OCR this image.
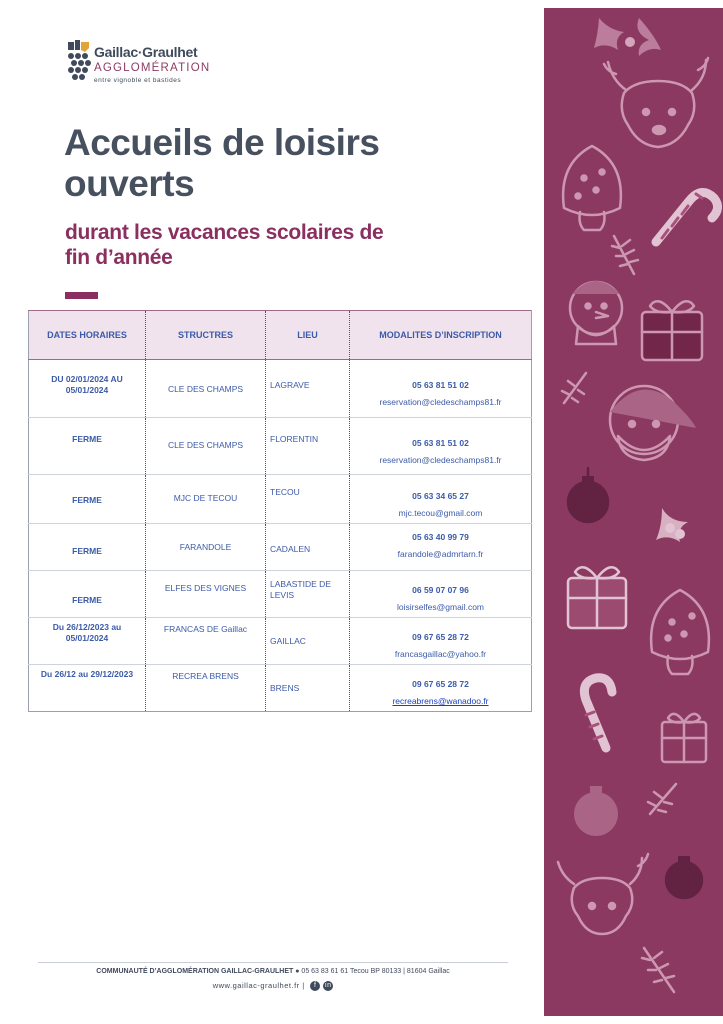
Gaillac·Graulhet
AGGLOMÉRATION
entre vignoble et bastides
Accueils de loisirs ouverts
durant les vacances scolaires de fin d’année
DATES HORAIRES	STRUCTRES	LIEU	MODALITES D’INSCRIPTION
DU 02/01/2024 AU 05/01/2024	CLE DES CHAMPS	LAGRAVE	05 63 81 51 02
reservation@cledeschamps81.fr

FERME	CLE DES CHAMPS	FLORENTIN	05 63 81 51 02
reservation@cledeschamps81.fr

FERME	MJC DE TECOU	TECOU	05 63 34 65 27
mjc.tecou@gmail.com

FERME	FARANDOLE	CADALEN	05 63 40 99 79
farandole@admrtarn.fr

FERME	ELFES DES VIGNES	LABASTIDE DE LEVIS	06 59 07 07 96
loisirselfes@gmail.com

Du 26/12/2023 au 05/01/2024	FRANCAS DE Gaillac	GAILLAC	09 67 65 28 72
francasgaillac@yahoo.fr

Du 26/12 au 29/12/2023	RECREA BRENS	BRENS	09 67 65 28 72
recreabrens@wanadoo.fr
COMMUNAUTÉ D’AGGLOMÉRATION GAILLAC-GRAULHET ● 05 63 83 61 61 Tecou BP 80133 | 81604 Gaillac
www.gaillac-graulhet.fr | f in
